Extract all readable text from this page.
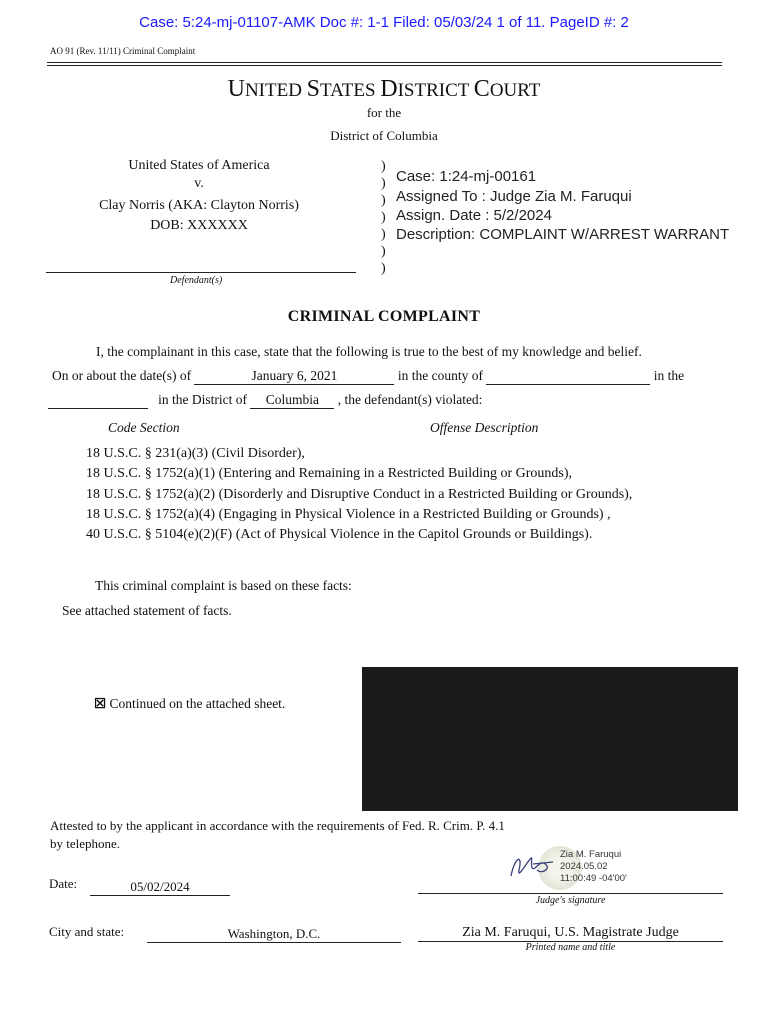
Case: 5:24-mj-01107-AMK Doc #: 1-1 Filed: 05/03/24 1 of 11. PageID #: 2
AO 91 (Rev. 11/11) Criminal Complaint
UNITED STATES DISTRICT COURT
for the
District of Columbia
United States of America
v.
Clay Norris (AKA: Clayton Norris)
DOB: XXXXXX
)
)
)
)
)
)
)
Case: 1:24-mj-00161
Assigned To : Judge Zia M. Faruqui
Assign. Date : 5/2/2024
Description: COMPLAINT W/ARREST WARRANT
Defendant(s)
CRIMINAL COMPLAINT
I, the complainant in this case, state that the following is true to the best of my knowledge and belief.
On or about the date(s) of	January 6, 2021	in the county of	in the
in the District of Columbia , the defendant(s) violated:
Code Section	Offense Description
18 U.S.C. § 231(a)(3) (Civil Disorder),
18 U.S.C. § 1752(a)(1) (Entering and Remaining in a Restricted Building or Grounds),
18 U.S.C. § 1752(a)(2) (Disorderly and Disruptive Conduct in a Restricted Building or Grounds),
18 U.S.C. § 1752(a)(4) (Engaging in Physical Violence in a Restricted Building or Grounds) ,
40 U.S.C. § 5104(e)(2)(F) (Act of Physical Violence in the Capitol Grounds or Buildings).
This criminal complaint is based on these facts:
See attached statement of facts.
☒ Continued on the attached sheet.
Attested to by the applicant in accordance with the requirements of Fed. R. Crim. P. 4.1
by telephone.
Date:	05/02/2024
Zia M. Faruqui
2024.05.02
11:00:49 -04'00'
Judge's signature
City and state:	Washington, D.C.	Zia M. Faruqui, U.S. Magistrate Judge
Printed name and title
